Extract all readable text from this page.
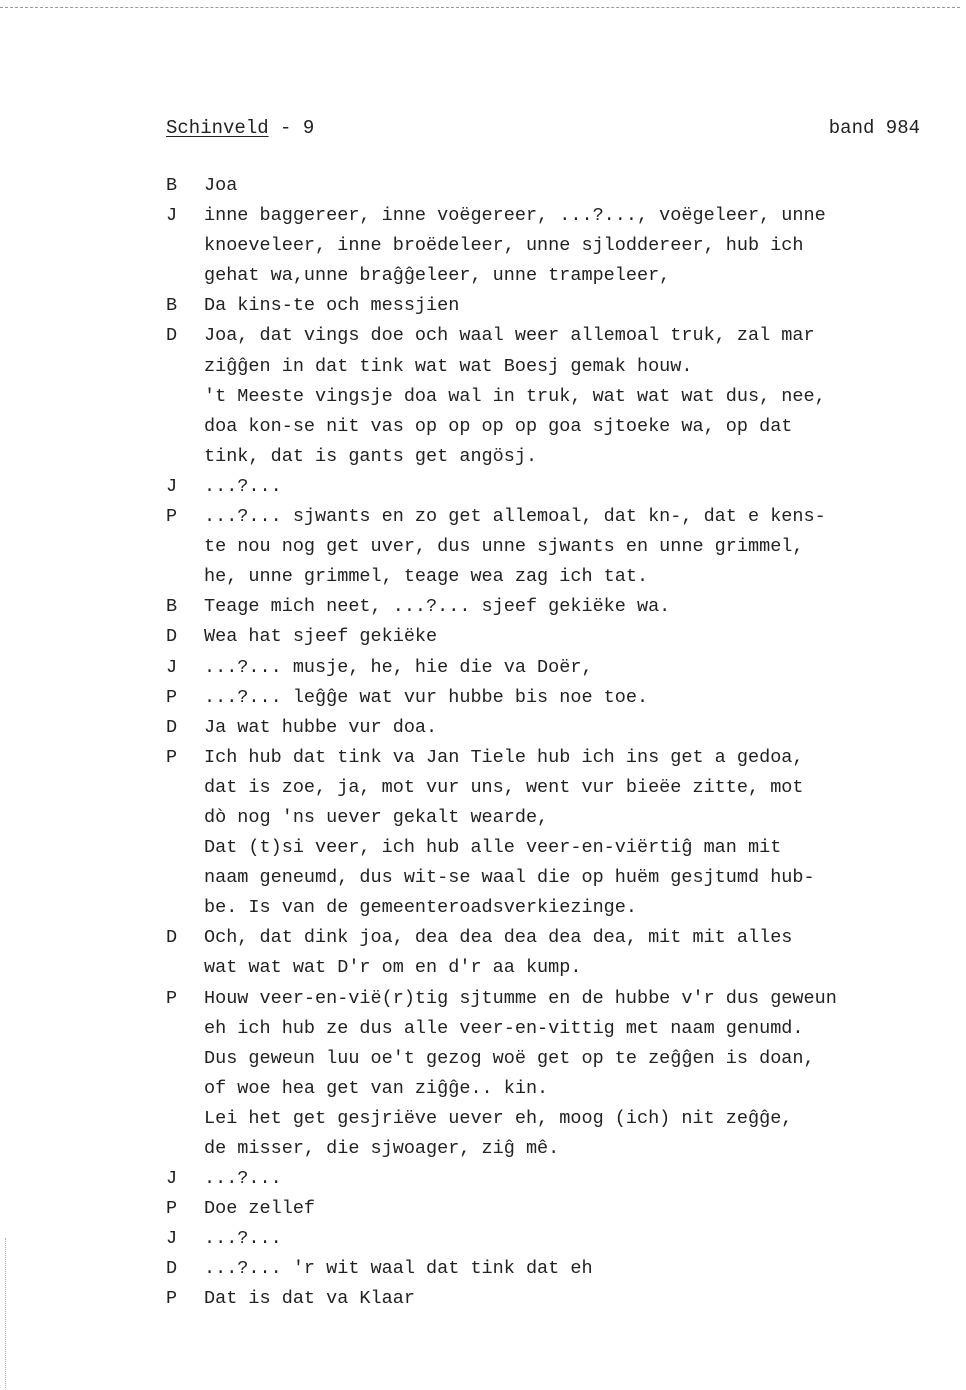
Schinveld - 9	band 984
B	Joa
J	inne baggereer, inne voëgereer, ...?..., voëgeleer, unne
knoeveleer, inne broëdeleer, unne sjloddereer, hub ich
gehat wa,unne braĝĝeleer, unne trampeleer,
B	Da kins-te och messjien
D	Joa, dat vings doe och waal weer allemoal truk, zal mar
ziĝĝen in dat tink wat wat Boesj gemak houw.
't Meeste vingsje doa wal in truk, wat wat wat dus, nee,
doa kon-se nit vas op op op op goa sjtoeke wa, op dat
tink, dat is gants get angösj.
J	...?...
P	...?... sjwants en zo get allemoal, dat kn-, dat e kens-
te nou nog get uver, dus unne sjwants en unne grimmel,
he, unne grimmel, teage wea zag ich tat.
B	Teage mich neet, ...?... sjeef gekiëke wa.
D	Wea hat sjeef gekiëke
J	...?... musje, he, hie die va Doër,
P	...?... leĝĝe wat vur hubbe bis noe toe.
D	Ja wat hubbe vur doa.
P	Ich hub dat tink va Jan Tiele hub ich ins get a gedoa,
dat is zoe, ja, mot vur uns, went vur bieëe zitte, mot
dò nog 'ns uever gekalt wearde,
Dat (t)si veer, ich hub alle veer-en-viërtiĝ man mit
naam geneumd, dus wit-se waal die op huëm gesjtumd hub-
be. Is van de gemeenteroadsverkiezinge.
D	Och, dat dink joa, dea dea dea dea dea, mit mit alles
wat wat wat D'r om en d'r aa kump.
P	Houw veer-en-vië(r)tig sjtumme en de hubbe v'r dus geweun
eh ich hub ze dus alle veer-en-vittig met naam genumd.
Dus geweun luu oe't gezog woë get op te zeĝĝen is doan,
of woe hea get van ziĝĝe.. kin.
Lei het get gesjriëve uever eh, moog (ich) nit zeĝĝe,
de misser, die sjwoager, ziĝ mê.
J	...?...
P	Doe zellef
J	...?...
D	...?... 'r wit waal dat tink dat eh
P	Dat is dat va Klaar
